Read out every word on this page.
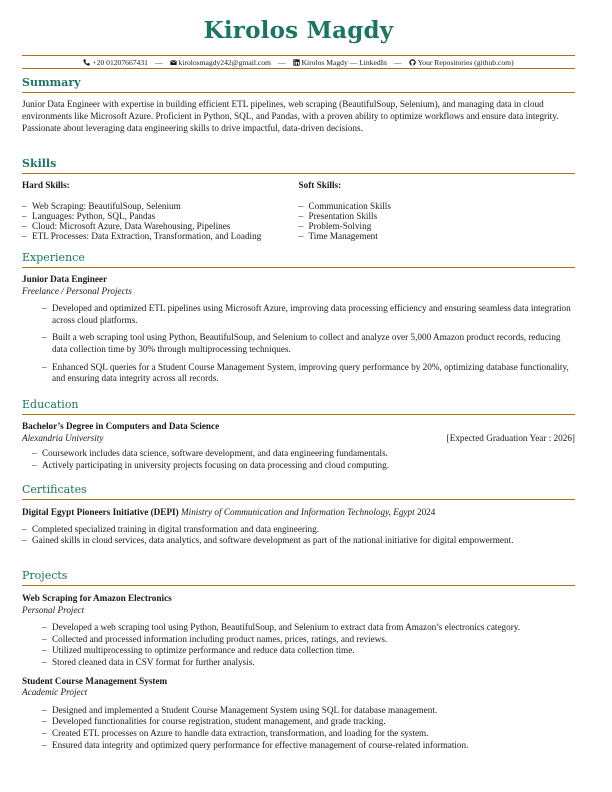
Kirolos Magdy
+20 01207667431 — kirolosmagdy242@gmail.com — Kirolos Magdy — LinkedIn — Your Repositories (github.com)
Summary

Junior Data Engineer with expertise in building efficient ETL pipelines, web scraping (BeautifulSoup, Selenium), and managing data in cloud environments like Microsoft Azure. Proficient in Python, SQL, and Pandas, with a proven ability to optimize workflows and ensure data integrity. Passionate about leveraging data engineering skills to drive impactful, data-driven decisions.

Skills
Hard Skills:
– Web Scraping: BeautifulSoup, Selenium
– Languages: Python, SQL, Pandas
– Cloud: Microsoft Azure, Data Warehousing, Pipelines
– ETL Processes: Data Extraction, Transformation, and Loading
Soft Skills:
– Communication Skills
– Presentation Skills
– Problem-Solving
– Time Management
Experience
Junior Data Engineer
Freelance / Personal Projects
– Developed and optimized ETL pipelines using Microsoft Azure, improving data processing efficiency and ensuring seamless data integration across cloud platforms.
– Built a web scraping tool using Python, BeautifulSoup, and Selenium to collect and analyze over 5,000 Amazon product records, reducing data collection time by 30% through multiprocessing techniques.
– Enhanced SQL queries for a Student Course Management System, improving query performance by 20%, optimizing database functionality, and ensuring data integrity across all records.
Education
Bachelor’s Degree in Computers and Data Science
Alexandria University	[Expected Graduation Year : 2026]
– Coursework includes data science, software development, and data engineering fundamentals.
– Actively participating in university projects focusing on data processing and cloud computing.
Certificates
Digital Egypt Pioneers Initiative (DEPI) Ministry of Communication and Information Technology, Egypt 2024
– Completed specialized training in digital transformation and data engineering.
– Gained skills in cloud services, data analytics, and software development as part of the national initiative for digital empowerment.
Projects
Web Scraping for Amazon Electronics
Personal Project
– Developed a web scraping tool using Python, BeautifulSoup, and Selenium to extract data from Amazon’s electronics category.
– Collected and processed information including product names, prices, ratings, and reviews.
– Utilized multiprocessing to optimize performance and reduce data collection time.
– Stored cleaned data in CSV format for further analysis.
Student Course Management System
Academic Project
– Designed and implemented a Student Course Management System using SQL for database management.
– Developed functionalities for course registration, student management, and grade tracking.
– Created ETL processes on Azure to handle data extraction, transformation, and loading for the system.
– Ensured data integrity and optimized query performance for effective management of course-related information.
